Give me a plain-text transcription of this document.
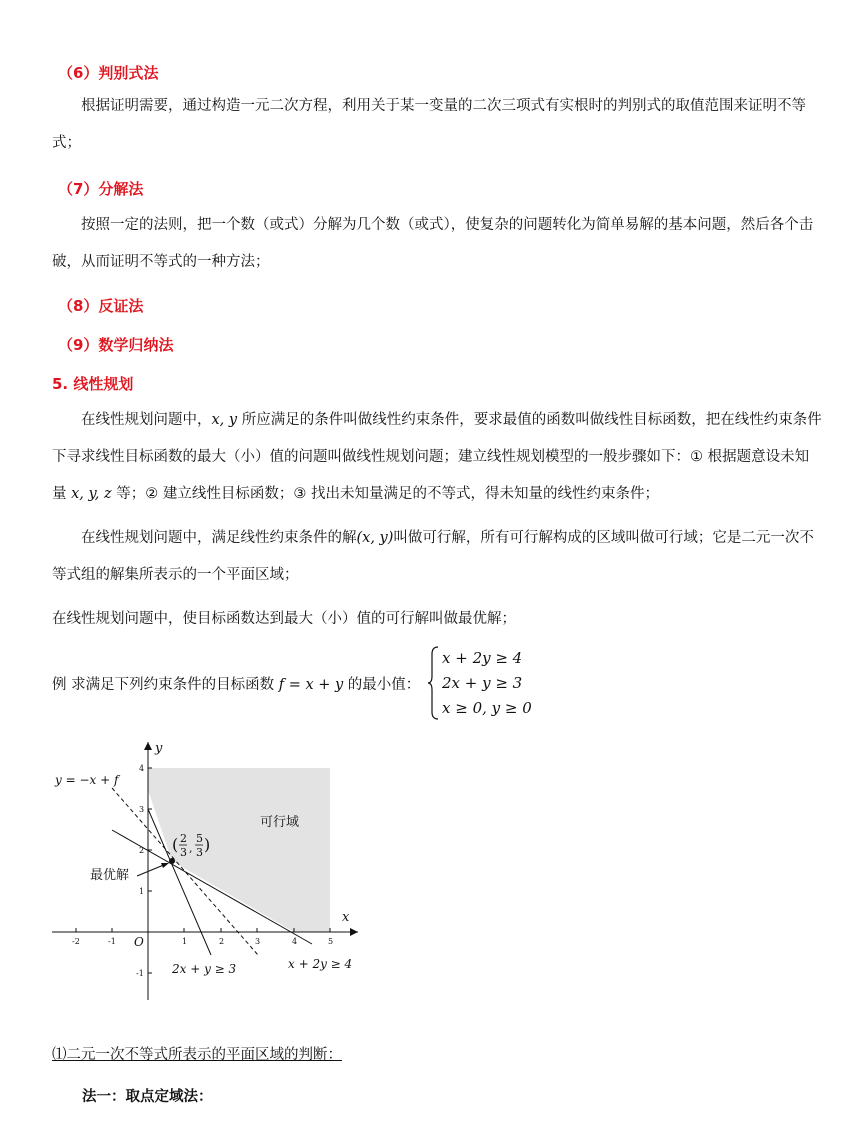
（6）判别式法
根据证明需要，通过构造一元二次方程，利用关于某一变量的二次三项式有实根时的判别式的取值范围来证明不等式；
（7）分解法
按照一定的法则，把一个数（或式）分解为几个数（或式），使复杂的问题转化为简单易解的基本问题，然后各个击破，从而证明不等式的一种方法；
（8）反证法
（9）数学归纳法
5. 线性规划
在线性规划问题中，x, y 所应满足的条件叫做线性约束条件，要求最值的函数叫做线性目标函数，把在线性约束条件下寻求线性目标函数的最大（小）值的问题叫做线性规划问题；建立线性规划模型的一般步骤如下：① 根据题意设未知量 x, y, z 等；② 建立线性目标函数；③ 找出未知量满足的不等式，得未知量的线性约束条件；
在线性规划问题中，满足线性约束条件的解(x, y)叫做可行解，所有可行解构成的区域叫做可行域；它是二元一次不等式组的解集所表示的一个平面区域；
在线性规划问题中，使目标函数达到最大（小）值的可行解叫做最优解；
例 求满足下列约束条件的目标函数 f = x + y 的最小值：
x + 2y ≥ 4
2x + y ≥ 3
x ≥ 0, y ≥ 0
-2	-1	1	2	3	4	5
4
3
2
1
-1
x
y
O
y = −x + f
可行域
最优解
( 2
3 ,
5
3 )
2x + y ≥ 3	x + 2y ≥ 4
⑴二元一次不等式所表示的平面区域的判断：
法一：取点定域法：
